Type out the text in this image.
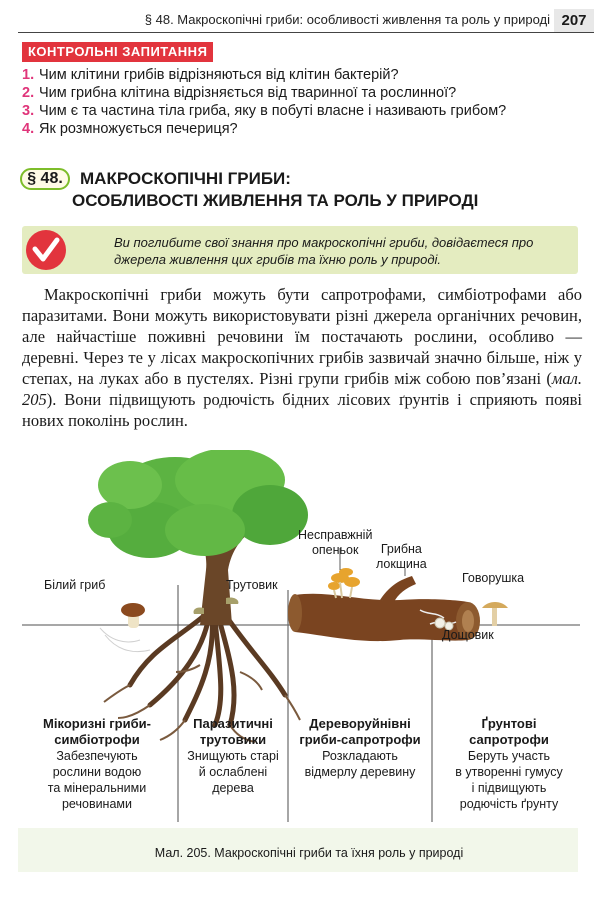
§ 48. Макроскопічні гриби: особливості живлення та роль у природі 207
КОНТРОЛЬНІ ЗАПИТАННЯ
1. Чим клітини грибів відрізняються від клітин бактерій?
2. Чим грибна клітина відрізняється від тваринної та рослинної?
3. Чим є та частина тіла гриба, яку в побуті власне і називають грибом?
4. Як розмножується печериця?
§ 48.	МАКРОСКОПІЧНІ ГРИБИ:
ОСОБЛИВОСТІ ЖИВЛЕННЯ ТА РОЛЬ У ПРИРОДІ
Ви поглибите свої знання про макроскопічні гриби, довідаєтеся про джерела живлення цих грибів та їхню роль у природі.

Макроскопічні гриби можуть бути сапротрофами, симбіотрофами або паразитами. Вони можуть використовувати різні джерела органічних речовин, але найчастіше поживні речовини їм постачають рослини, особливо — деревні. Через те у лісах макроскопічних грибів зазвичай значно більше, ніж у степах, на луках або в пустелях. Різні групи грибів між собою пов’язані (мал. 205). Вони підвищують родючість бідних лісових ґрунтів і сприяють появі нових поколінь рослин.

Білий гриб	Трутовик
Несправжній
опеньок	Грибна
локшина
Говорушка
Дощовик
Мікоризні гриби-
симбіотрофи
Забезпечують
рослини водою
та мінеральними
речовинами
Паразитичні
трутовики
Знищують старі
й ослаблені
дерева
Дереворуйнівні
гриби-сапротрофи
Розкладають
відмерлу деревину
Ґрунтові
сапротрофи
Беруть участь
в утворенні гумусу
і підвищують
родючість ґрунту
Мал. 205. Макроскопічні гриби та їхня роль у природі
